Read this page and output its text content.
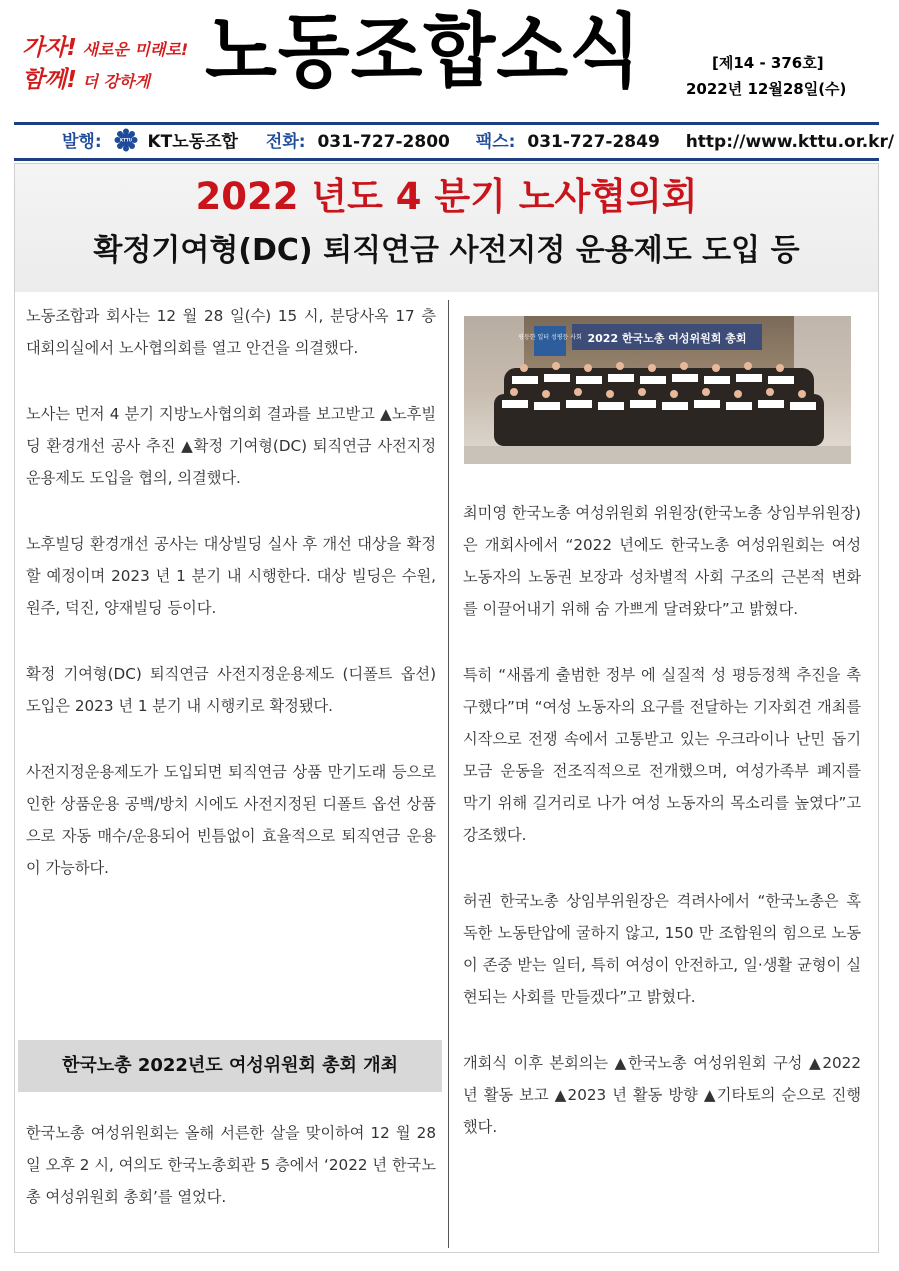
가자! 새로운 미래로!
함께! 더 강하게 노동조합소식	[제14 - 376호]
2022년 12월28일(수)
발행:	KTTU KT노동조합 전화: 031-727-2800 팩스: 031-727-2849 http://www.kttu.or.kr/
2022 년도 4 분기 노사협의회
확정기여형(DC) 퇴직연금 사전지정 운용제도 도입 등

노동조합과 회사는 12 월 28 일(수) 15 시, 분당사옥 17 층 대회의실에서 노사협의회를 열고 안건을 의결했다.

노사는 먼저 4 분기 지방노사협의회 결과를 보고받고 ▲노후빌딩 환경개선 공사 추진 ▲확정 기여형(DC) 퇴직연금 사전지정 운용제도 도입을 협의, 의결했다.

노후빌딩 환경개선 공사는 대상빌딩 실사 후 개선 대상을 확정할 예정이며 2023 년 1 분기 내 시행한다. 대상 빌딩은 수원, 원주, 덕진, 양재빌딩 등이다.

확정 기여형(DC) 퇴직연금 사전지정운용제도 (디폴트 옵션) 도입은 2023 년 1 분기 내 시행키로 확정됐다.

사전지정운용제도가 도입되면 퇴직연금 상품 만기도래 등으로 인한 상품운용 공백/방치 시에도 사전지정된 디폴트 옵션 상품으로 자동 매수/운용되어 빈틈없이 효율적으로 퇴직연금 운용이 가능하다.

한국노총 2022년도 여성위원회 총회 개최

한국노총 여성위원회는 올해 서른한 살을 맞이하여 12 월 28 일 오후 2 시, 여의도 한국노총회관 5 층에서 ‘2022 년 한국노총 여성위원회 총회’를 열었다.

2022 한국노총 여성위원회 총회
평등한 일터 성평등 사회

최미영 한국노총 여성위원회 위원장(한국노총 상임부위원장)은 개회사에서 “2022 년에도 한국노총 여성위원회는 여성 노동자의 노동권 보장과 성차별적 사회 구조의 근본적 변화를 이끌어내기 위해 숨 가쁘게 달려왔다”고 밝혔다.

특히 “새롭게 출범한 정부 에 실질적 성 평등정책 추진을 촉구했다”며 “여성 노동자의 요구를 전달하는 기자회견 개최를 시작으로 전쟁 속에서 고통받고 있는 우크라이나 난민 돕기 모금 운동을 전조직적으로 전개했으며, 여성가족부 폐지를 막기 위해 길거리로 나가 여성 노동자의 목소리를 높였다”고 강조했다.

허권 한국노총 상임부위원장은 격려사에서 “한국노총은 혹독한 노동탄압에 굴하지 않고, 150 만 조합원의 힘으로 노동이 존중 받는 일터, 특히 여성이 안전하고, 일·생활 균형이 실현되는 사회를 만들겠다”고 밝혔다.

개회식 이후 본회의는 ▲한국노총 여성위원회 구성 ▲2022 년 활동 보고 ▲2023 년 활동 방향 ▲기타토의 순으로 진행했다.
